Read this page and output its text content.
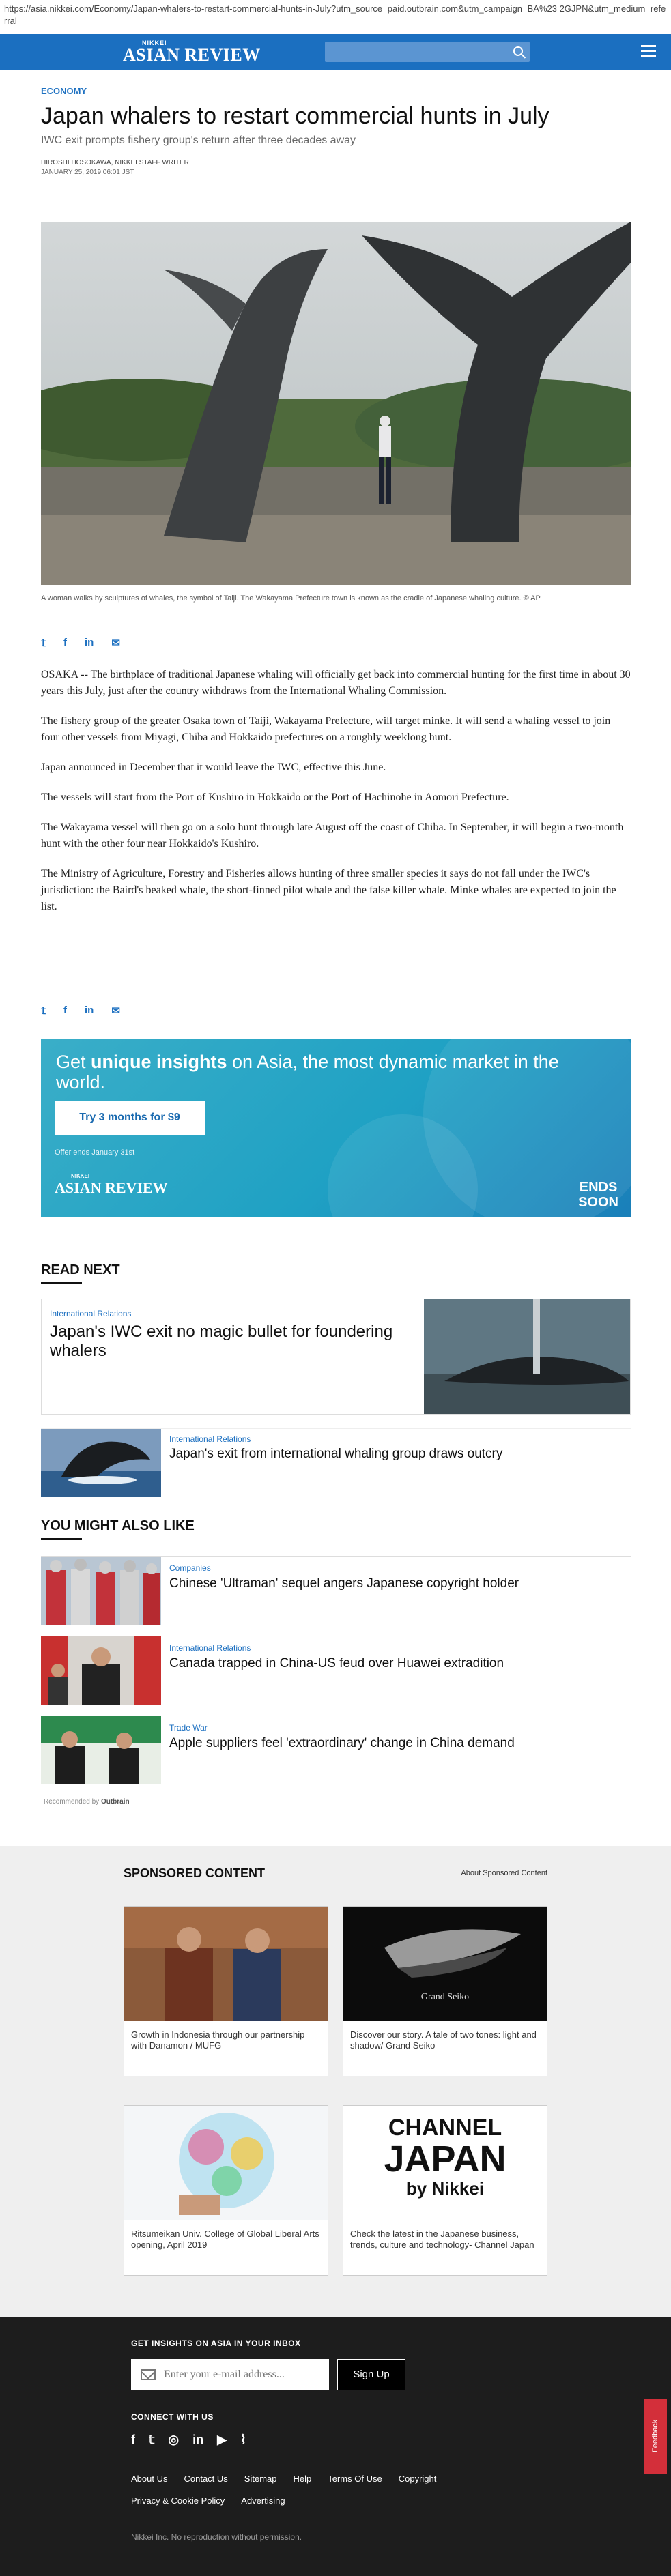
https://asia.nikkei.com/Economy/Japan-whalers-to-restart-commercial-hunts-in-July?utm_source=paid.outbrain.com&utm_campaign=BA%23 2GJPN&utm_medium=referral
NIKKEI
ASIAN REVIEW
ECONOMY
Japan whalers to restart commercial hunts in July
IWC exit prompts fishery group's return after three decades away
HIROSHI HOSOKAWA, NIKKEI STAFF WRITER
JANUARY 25, 2019 06:01 JST
A woman walks by sculptures of whales, the symbol of Taiji. The Wakayama Prefecture town is known as the cradle of Japanese whaling culture. © AP
𝕥 f in ✉

OSAKA -- The birthplace of traditional Japanese whaling will officially get back into commercial hunting for the first time in about 30 years this July, just after the country withdraws from the International Whaling Commission.

The fishery group of the greater Osaka town of Taiji, Wakayama Prefecture, will target minke. It will send a whaling vessel to join four other vessels from Miyagi, Chiba and Hokkaido prefectures on a roughly weeklong hunt.

Japan announced in December that it would leave the IWC, effective this June.

The vessels will start from the Port of Kushiro in Hokkaido or the Port of Hachinohe in Aomori Prefecture.

The Wakayama vessel will then go on a solo hunt through late August off the coast of Chiba. In September, it will begin a two-month hunt with the other four near Hokkaido's Kushiro.

The Ministry of Agriculture, Forestry and Fisheries allows hunting of three smaller species it says do not fall under the IWC's jurisdiction: the Baird's beaked whale, the short-finned pilot whale and the false killer whale. Minke whales are expected to join the list.

𝕥 f in ✉
Get unique insights on Asia, the most dynamic market in the world.
Try 3 months for $9
Offer ends January 31st
NIKKEI
ASIAN REVIEW	ENDS
SOON
READ NEXT
International Relations
Japan's IWC exit no magic bullet for foundering whalers
International Relations
Japan's exit from international whaling group draws outcry
YOU MIGHT ALSO LIKE
Companies
Chinese 'Ultraman' sequel angers Japanese copyright holder
International Relations
Canada trapped in China-US feud over Huawei extradition
Trade War
Apple suppliers feel 'extraordinary' change in China demand
Recommended by Outbrain
SPONSORED CONTENT	About Sponsored Content
Growth in Indonesia through our partnership with Danamon / MUFG
Grand Seiko
Discover our story. A tale of two tones: light and shadow/ Grand Seiko
Ritsumeikan Univ. College of Global Liberal Arts opening, April 2019
CHANNEL
JAPAN
by Nikkei
Check the latest in the Japanese business, trends, culture and technology- Channel Japan
GET INSIGHTS ON ASIA IN YOUR INBOX
Enter your e-mail address...
Sign Up
CONNECT WITH US
f 𝕥 ◎ in ▶ ⌇
About Us Contact Us Sitemap Help Terms Of Use Copyright
Privacy & Cookie Policy Advertising
Nikkei Inc. No reproduction without permission.
Feedback
